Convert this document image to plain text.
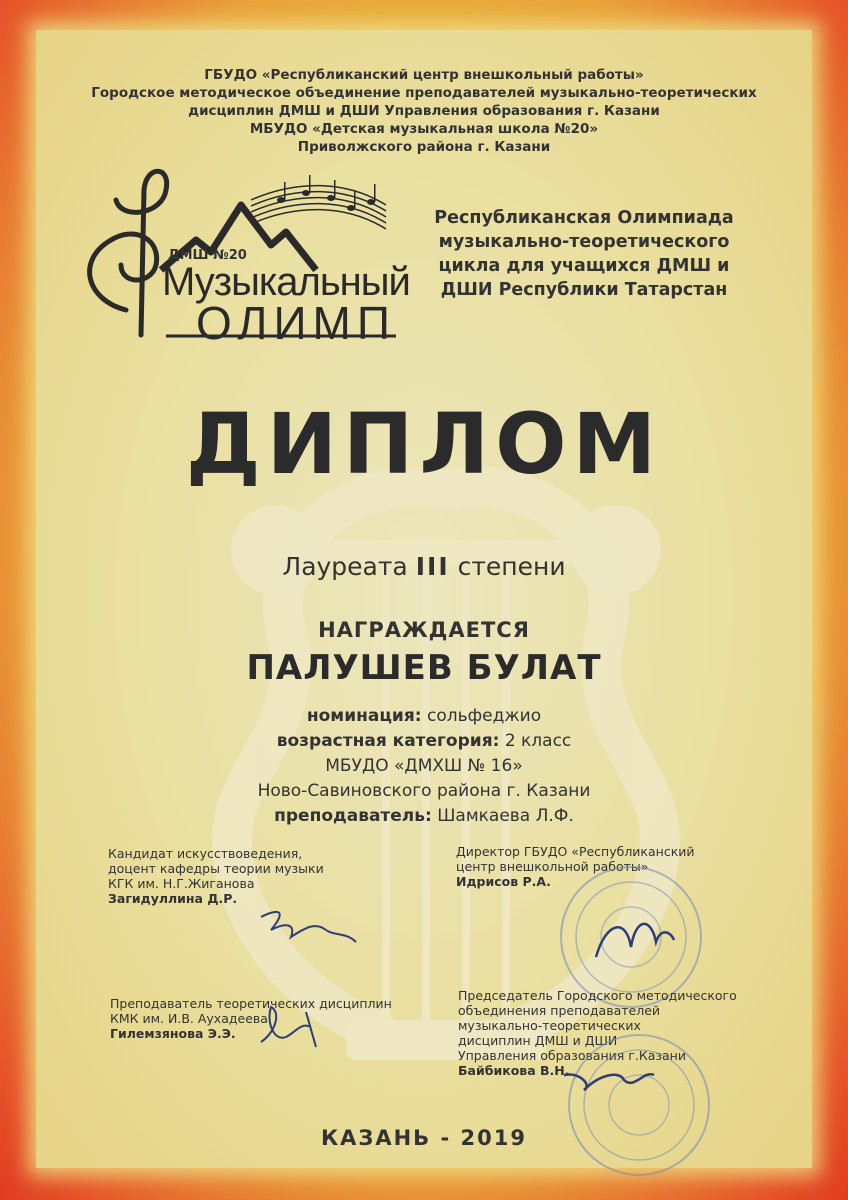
ГБУДО «Республиканский центр внешкольный работы»
Городское методическое объединение преподавателей музыкально-теоретических
дисциплин ДМШ и ДШИ Управления образования г. Казани
МБУДО «Детская музыкальная школа №20»
Приволжского района г. Казани
ДМШ №20
Музыкальный
ОЛИМП
Республиканская Олимпиада
музыкально-теоретического
цикла для учащихся ДМШ и
ДШИ Республики Татарстан
ДИПЛОМ
Лауреата III степени
НАГРАЖДАЕТСЯ
ПАЛУШЕВ БУЛАТ
номинация: сольфеджио
возрастная категория: 2 класс
МБУДО «ДМХШ № 16»
Ново-Савиновского района г. Казани
преподаватель: Шамкаева Л.Ф.
Кандидат искусствоведения,
доцент кафедры теории музыки
КГК им. Н.Г.Жиганова
Загидуллина Д.Р.
Директор ГБУДО «Республиканский
центр внешкольной работы»
Идрисов Р.А.
Преподаватель теоретических дисциплин
КМК им. И.В. Аухадеева
Гилемзянова Э.Э.
Председатель Городского методического
объединения преподавателей
музыкально-теоретических
дисциплин ДМШ и ДШИ
Управления образования г.Казани
Байбикова В.Н.
КАЗАНЬ - 2019
